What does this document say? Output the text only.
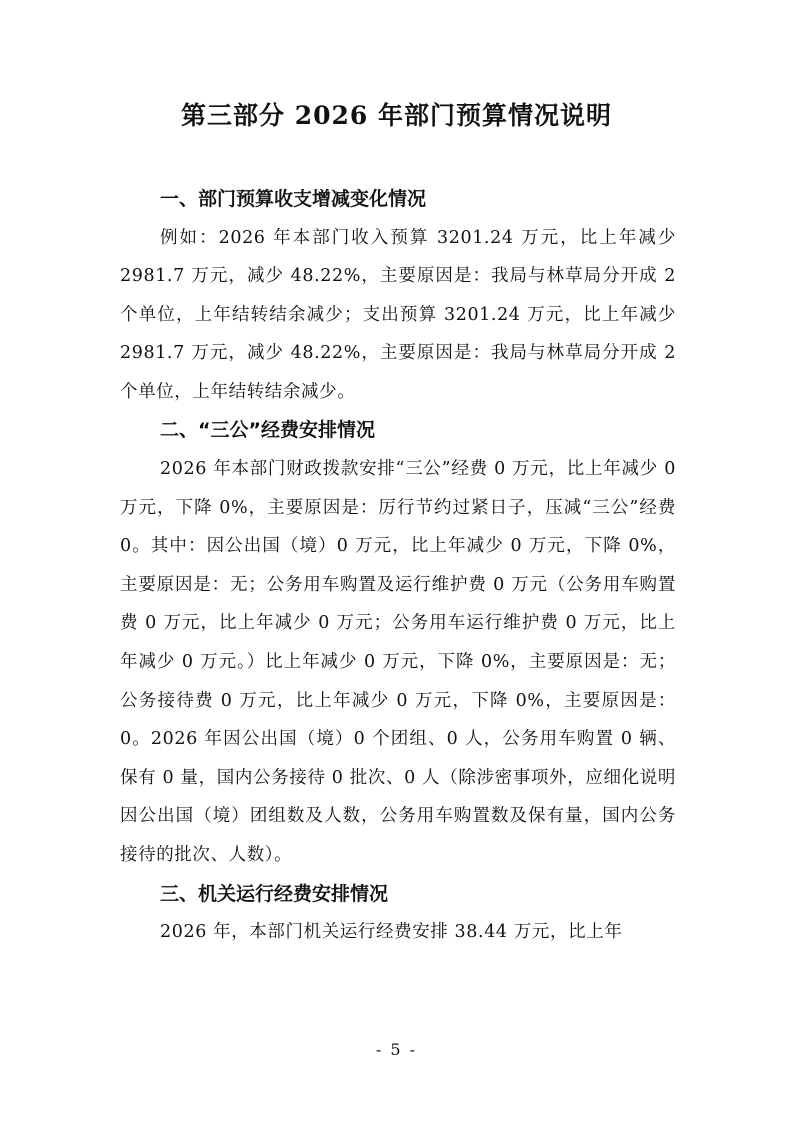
第三部分 2026 年部门预算情况说明
一、部门预算收支增减变化情况

例如：2026 年本部门收入预算 3201.24 万元，比上年减少 2981.7 万元，减少 48.22%，主要原因是：我局与林草局分开成 2 个单位，上年结转结余减少；支出预算 3201.24 万元，比上年减少 2981.7 万元，减少 48.22%，主要原因是：我局与林草局分开成 2 个单位，上年结转结余减少。

二、“三公”经费安排情况

2026 年本部门财政拨款安排“三公”经费 0 万元，比上年减少 0 万元，下降 0%，主要原因是：厉行节约过紧日子，压减“三公”经费 0。其中：因公出国（境）0 万元，比上年减少 0 万元，下降 0%，主要原因是：无；公务用车购置及运行维护费 0 万元（公务用车购置费 0 万元，比上年减少 0 万元；公务用车运行维护费 0 万元，比上年减少 0 万元。）比上年减少 0 万元，下降 0%，主要原因是：无；公务接待费 0 万元，比上年减少 0 万元，下降 0%，主要原因是：0。2026 年因公出国（境）0 个团组、0 人，公务用车购置 0 辆、保有 0 量，国内公务接待 0 批次、0 人（除涉密事项外，应细化说明因公出国（境）团组数及人数，公务用车购置数及保有量，国内公务接待的批次、人数）。

三、机关运行经费安排情况

2026 年，本部门机关运行经费安排 38.44 万元，比上年

- 5 -
